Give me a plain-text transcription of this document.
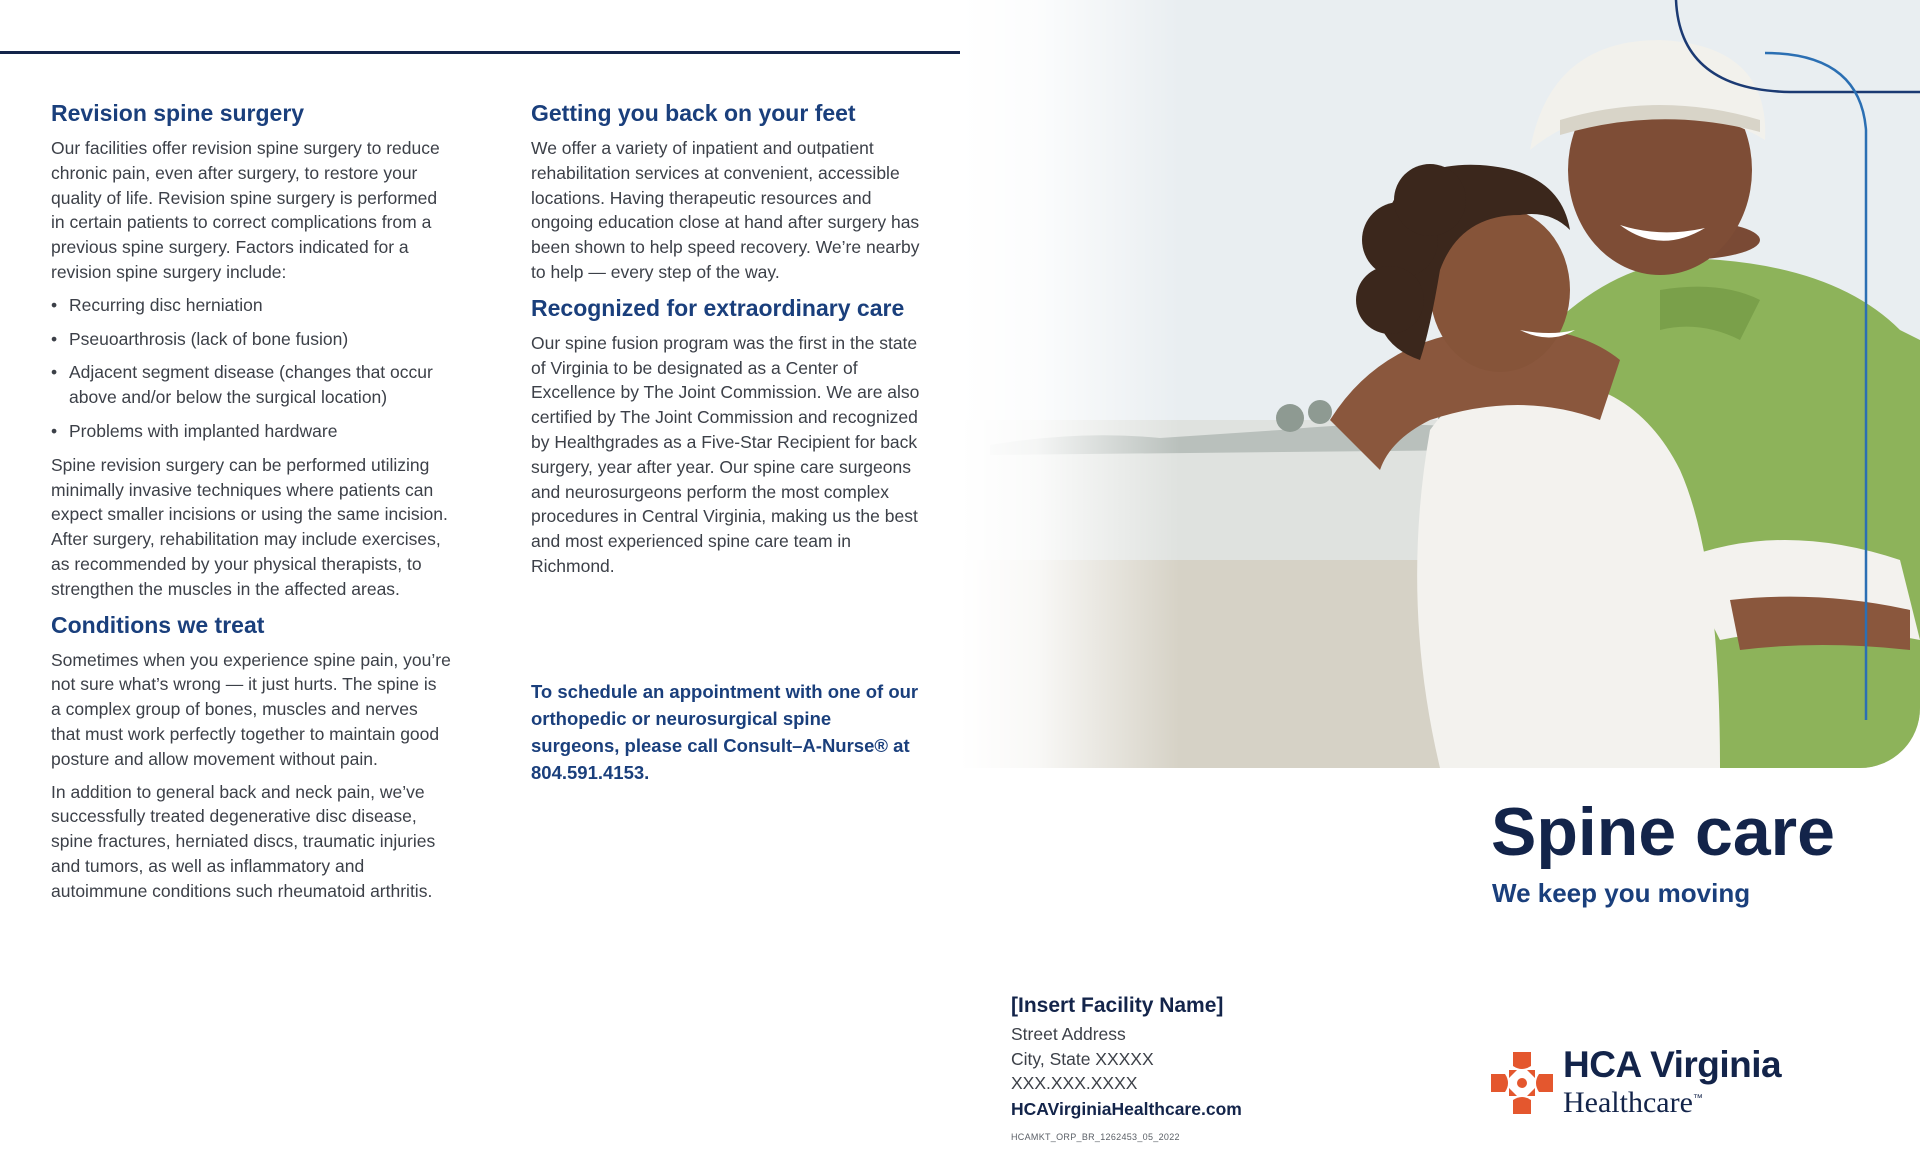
Revision spine surgery

Our facilities offer revision spine surgery to reduce chronic pain, even after surgery, to restore your quality of life. Revision spine surgery is performed in certain patients to correct complications from a previous spine surgery. Factors indicated for a revision spine surgery include:

• Recurring disc herniation
• Pseuoarthrosis (lack of bone fusion)
• Adjacent segment disease (changes that occur above and/or below the surgical location)
• Problems with implanted hardware

Spine revision surgery can be performed utilizing minimally invasive techniques where patients can expect smaller incisions or using the same incision. After surgery, rehabilitation may include exercises, as recommended by your physical therapists, to strengthen the muscles in the affected areas.

Conditions we treat

Sometimes when you experience spine pain, you’re not sure what’s wrong — it just hurts. The spine is a complex group of bones, muscles and nerves that must work perfectly together to maintain good posture and allow movement without pain.

In addition to general back and neck pain, we’ve successfully treated degenerative disc disease, spine fractures, herniated discs, traumatic injuries and tumors, as well as inflammatory and autoimmune conditions such rheumatoid arthritis.

Getting you back on your feet

We offer a variety of inpatient and outpatient rehabilitation services at convenient, accessible locations. Having therapeutic resources and ongoing education close at hand after surgery has been shown to help speed recovery. We’re nearby to help — every step of the way.

Recognized for extraordinary care

Our spine fusion program was the first in the state of Virginia to be designated as a Center of Excellence by The Joint Commission. We are also certified by The Joint Commission and recognized by Healthgrades as a Five-Star Recipient for back surgery, year after year. Our spine care surgeons and neurosurgeons perform the most complex procedures in Central Virginia, making us the best and most experienced spine care team in Richmond.

To schedule an appointment with one of our orthopedic or neurosurgical spine surgeons, please call Consult–A-Nurse® at 804.591.4153.

Spine care

We keep you moving

[Insert Facility Name]

Street Address

City, State XXXXX

XXX.XXX.XXXX

HCAVirginiaHealthcare.com

HCAMKT_ORP_BR_1262453_05_2022

HCA Virginia

Healthcare™
